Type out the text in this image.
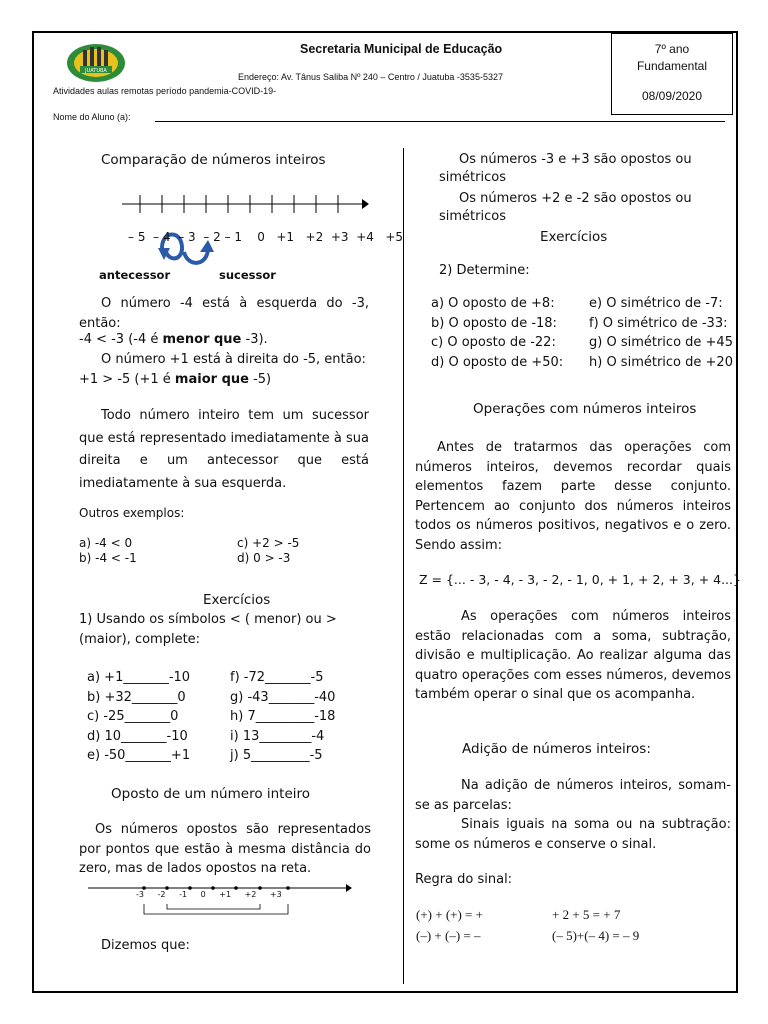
JUATUBA
Secretaria Municipal de Educação
Endereço: Av. Tânus Saliba Nº 240 – Centro / Juatuba -3535-5327
Atividades aulas remotas período pandemia-COVID-19-
Nome do Aluno (a):
7º ano
Fundamental
08/09/2020
Comparação de números inteiros
– 5 – 4 – 3 – 2 – 1 0 +1 +2 +3 +4 +5
antecessor	sucessor
O número -4 está à esquerda do -3, então:
-4 < -3 (-4 é menor que -3).
O número +1 está à direita do -5, então:
+1 > -5 (+1 é maior que -5)
Todo número inteiro tem um sucessor que está representado imediatamente à sua direita e um antecessor que está imediatamente à sua esquerda.
Outros exemplos:
a) -4 < 0
b) -4 < -1
c) +2 > -5
d) 0 > -3
Exercícios
1) Usando os símbolos < ( menor) ou > (maior), complete:
a) +1_______-10
b) +32_______0
c) -25_______0
d) 10_______-10
e) -50_______+1
f) -72_______-5
g) -43_______-40
h) 7_________-18
i) 13________-4
j) 5_________-5
Oposto de um número inteiro
Os números opostos são representados por pontos que estão à mesma distância do zero, mas de lados opostos na reta.
-3 -2 -1 0 +1 +2 +3
Dizemos que:
Os números -3 e +3 são opostos ou
simétricos
Os números +2 e -2 são opostos ou
simétricos
Exercícios
2) Determine:
a) O oposto de +8:
b) O oposto de -18:
c) O oposto de -22:
d) O oposto de +50:
e) O simétrico de -7:
f) O simétrico de -33:
g) O simétrico de +45
h) O simétrico de +20
Operações com números inteiros
Antes de tratarmos das operações com números inteiros, devemos recordar quais elementos fazem parte desse conjunto. Pertencem ao conjunto dos números inteiros todos os números positivos, negativos e o zero. Sendo assim:
Z = {... - 3, - 4, - 3, - 2, - 1, 0, + 1, + 2, + 3, + 4...}
As operações com números inteiros estão relacionadas com a soma, subtração, divisão e multiplicação. Ao realizar alguma das quatro operações com esses números, devemos também operar o sinal que os acompanha.
Adição de números inteiros:
Na adição de números inteiros, somam-se as parcelas:
Sinais iguais na soma ou na subtração: some os números e conserve o sinal.
Regra do sinal:
(+) + (+) = +
(–) + (–) = –
+ 2 + 5 = + 7
(– 5)+(– 4) = – 9
